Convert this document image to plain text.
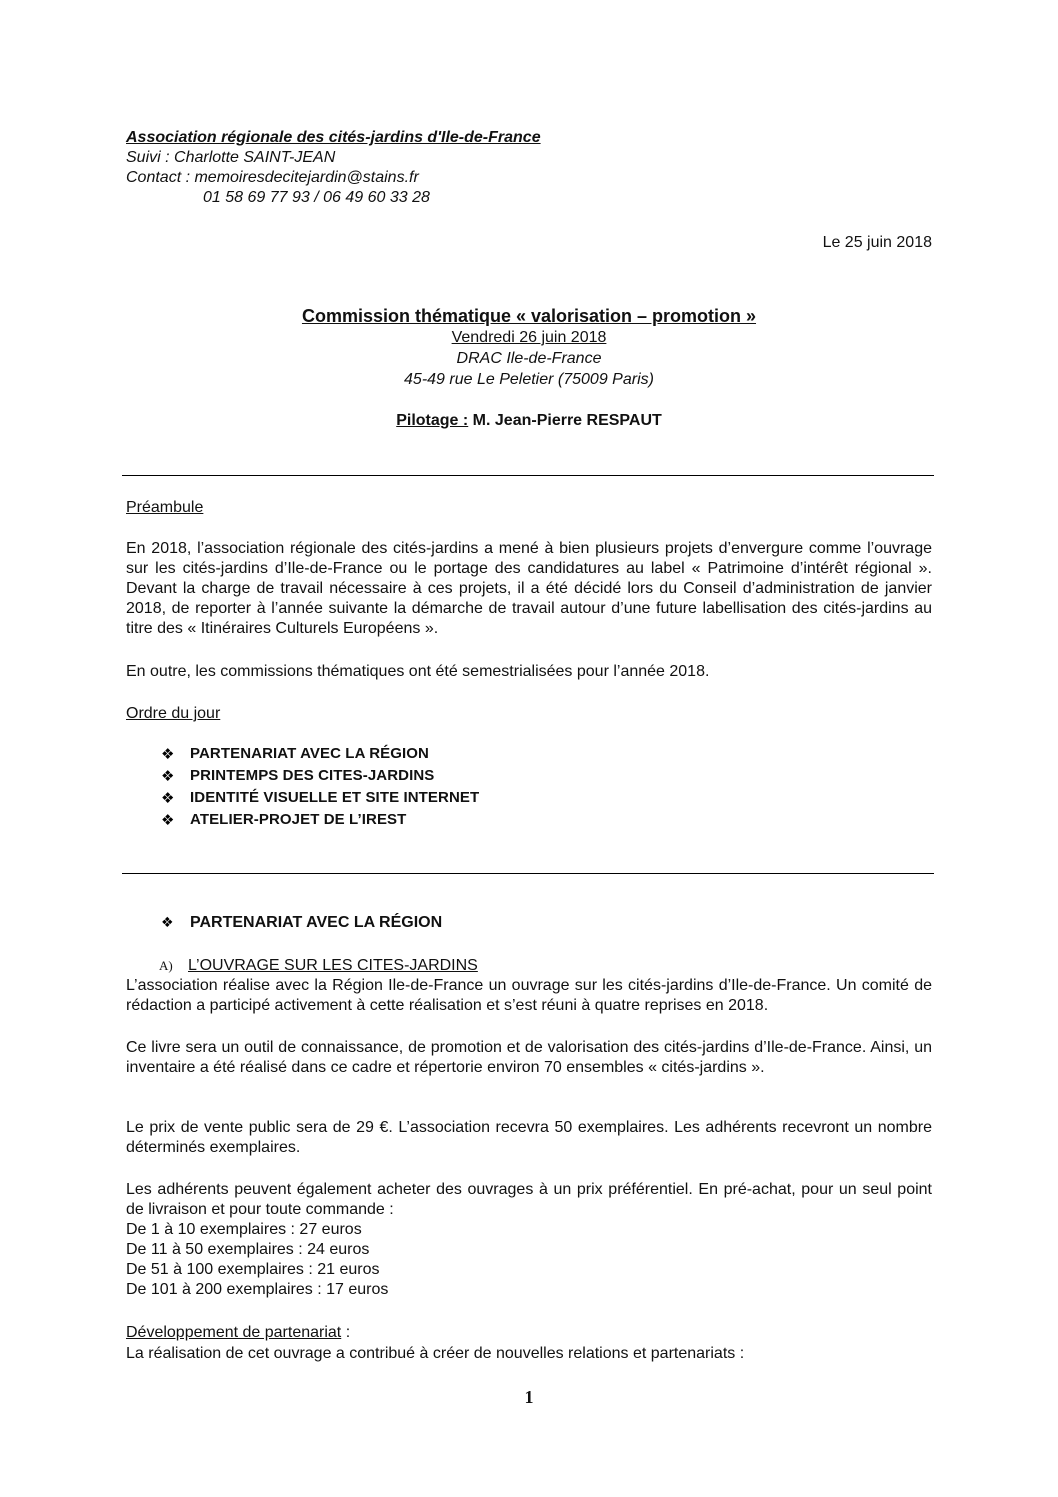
Association régionale des cités-jardins d'Ile-de-France
Suivi : Charlotte SAINT-JEAN
Contact : memoiresdecitejardin@stains.fr
01 58 69 77 93 / 06 49 60 33 28
Le 25 juin 2018
Commission thématique « valorisation – promotion »
Vendredi 26 juin 2018
DRAC Ile-de-France
45-49 rue Le Peletier (75009 Paris)
Pilotage : M. Jean-Pierre RESPAUT
Préambule

En 2018, l’association régionale des cités-jardins a mené à bien plusieurs projets d’envergure comme l’ouvrage sur les cités-jardins d’Ile-de-France ou le portage des candidatures au label « Patrimoine d’intérêt régional ». Devant la charge de travail nécessaire à ces projets, il a été décidé lors du Conseil d’administration de janvier 2018, de reporter à l’année suivante la démarche de travail autour d’une future labellisation des cités-jardins au titre des « Itinéraires Culturels Européens ».

En outre, les commissions thématiques ont été semestrialisées pour l’année 2018.

Ordre du jour
❖	PARTENARIAT AVEC LA RÉGION
❖	PRINTEMPS DES CITES-JARDINS
❖	IDENTITÉ VISUELLE ET SITE INTERNET
❖	ATELIER-PROJET DE L’IREST
❖	PARTENARIAT AVEC LA RÉGION
A) L’OUVRAGE SUR LES CITES-JARDINS

L’association réalise avec la Région Ile-de-France un ouvrage sur les cités-jardins d’Ile-de-France. Un comité de rédaction a participé activement à cette réalisation et s’est réuni à quatre reprises en 2018.

Ce livre sera un outil de connaissance, de promotion et de valorisation des cités-jardins d’Ile-de-France. Ainsi, un inventaire a été réalisé dans ce cadre et répertorie environ 70 ensembles « cités-jardins ».

Le prix de vente public sera de 29 €. L’association recevra 50 exemplaires. Les adhérents recevront un nombre déterminés exemplaires.

Les adhérents peuvent également acheter des ouvrages à un prix préférentiel. En pré-achat, pour un seul point de livraison et pour toute commande :

De 1 à 10 exemplaires : 27 euros
De 11 à 50 exemplaires : 24 euros
De 51 à 100 exemplaires : 21 euros
De 101 à 200 exemplaires : 17 euros
Développement de partenariat :
La réalisation de cet ouvrage a contribué à créer de nouvelles relations et partenariats :
1
